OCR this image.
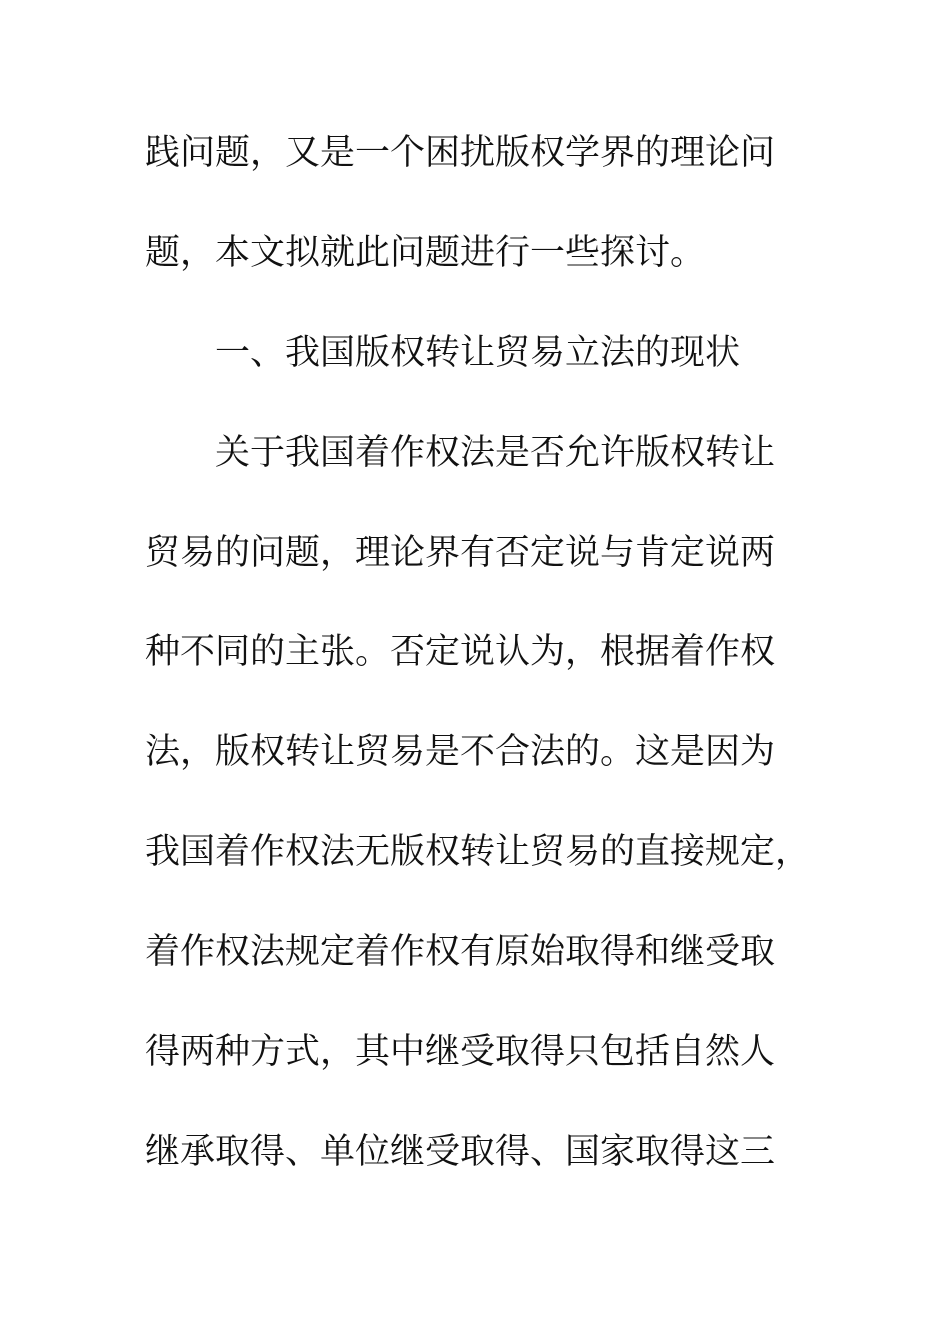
践问题，又是一个困扰版权学界的理论问
题，本文拟就此问题进行一些探讨。
一、我国版权转让贸易立法的现状
关于我国着作权法是否允许版权转让
贸易的问题，理论界有否定说与肯定说两
种不同的主张。否定说认为，根据着作权
法，版权转让贸易是不合法的。这是因为
我国着作权法无版权转让贸易的直接规定，
着作权法规定着作权有原始取得和继受取
得两种方式，其中继受取得只包括自然人
继承取得、单位继受取得、国家取得这三
